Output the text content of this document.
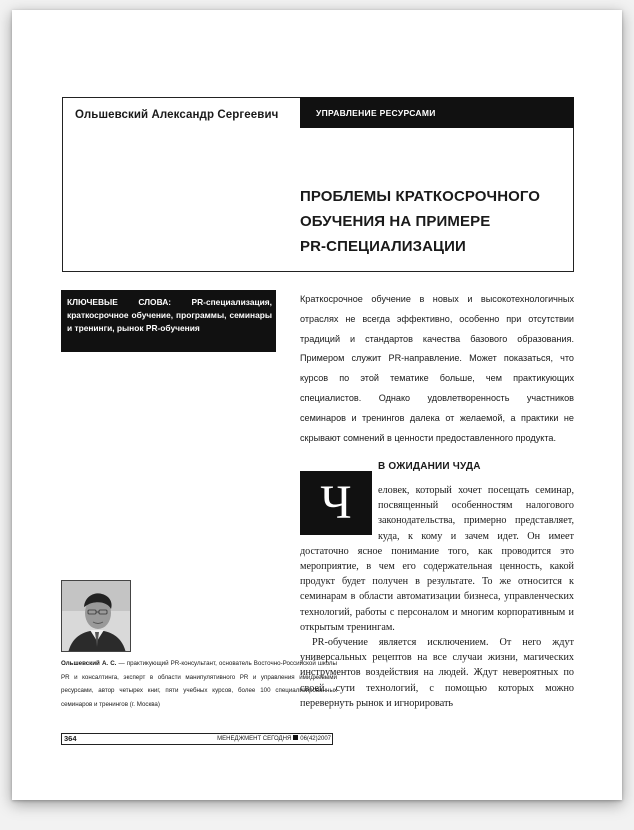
Ольшевский Александр Сергеевич	УПРАВЛЕНИЕ РЕСУРСАМИ
ПРОБЛЕМЫ КРАТКОСРОЧНОГО
ОБУЧЕНИЯ НА ПРИМЕРЕ
PR-СПЕЦИАЛИЗАЦИИ
КЛЮЧЕВЫЕ СЛОВА: PR-специализация, краткосрочное обучение, программы, семинары и тренинги, рынок PR-обучения
Краткосрочное обучение в новых и высокотехнологичных отраслях не всегда эффективно, особенно при отсутствии традиций и стандартов качества базового образования. Примером служит PR-направление. Может показаться, что курсов по этой тематике больше, чем практикующих специалистов. Однако удовлетворенность участников семинаров и тренингов далека от желаемой, а практики не скрывают сомнений в ценности предоставленного продукта.
Ч
В ОЖИДАНИИ ЧУДА

еловек, который хочет посещать семинар, посвященный особенностям налогового законодательства, примерно представляет, куда, к кому и зачем идет. Он имеет достаточно ясное понимание того, как проводится это мероприятие, в чем его содержательная ценность, какой продукт будет получен в результате. То же относится к семинарам в области автоматизации бизнеса, управленческих технологий, работы с персоналом и многим корпоративным и открытым тренингам.

PR-обучение является исключением. От него ждут универсальных рецептов на все случаи жизни, магических инструментов воздействия на людей. Ждут невероятных по своей сути технологий, с помощью которых можно перевернуть рынок и игнорировать

Ольшевский А. С. — практикующий PR-консультант, основатель Восточно-Российской школы PR и консалтинга, эксперт в области манипулятивного PR и управления имиджевыми ресурсами, автор четырех книг, пяти учебных курсов, более 100 специализированных семинаров и тренингов (г. Москва)
364	МЕНЕДЖМЕНТ СЕГОДНЯ 06(42)2007
